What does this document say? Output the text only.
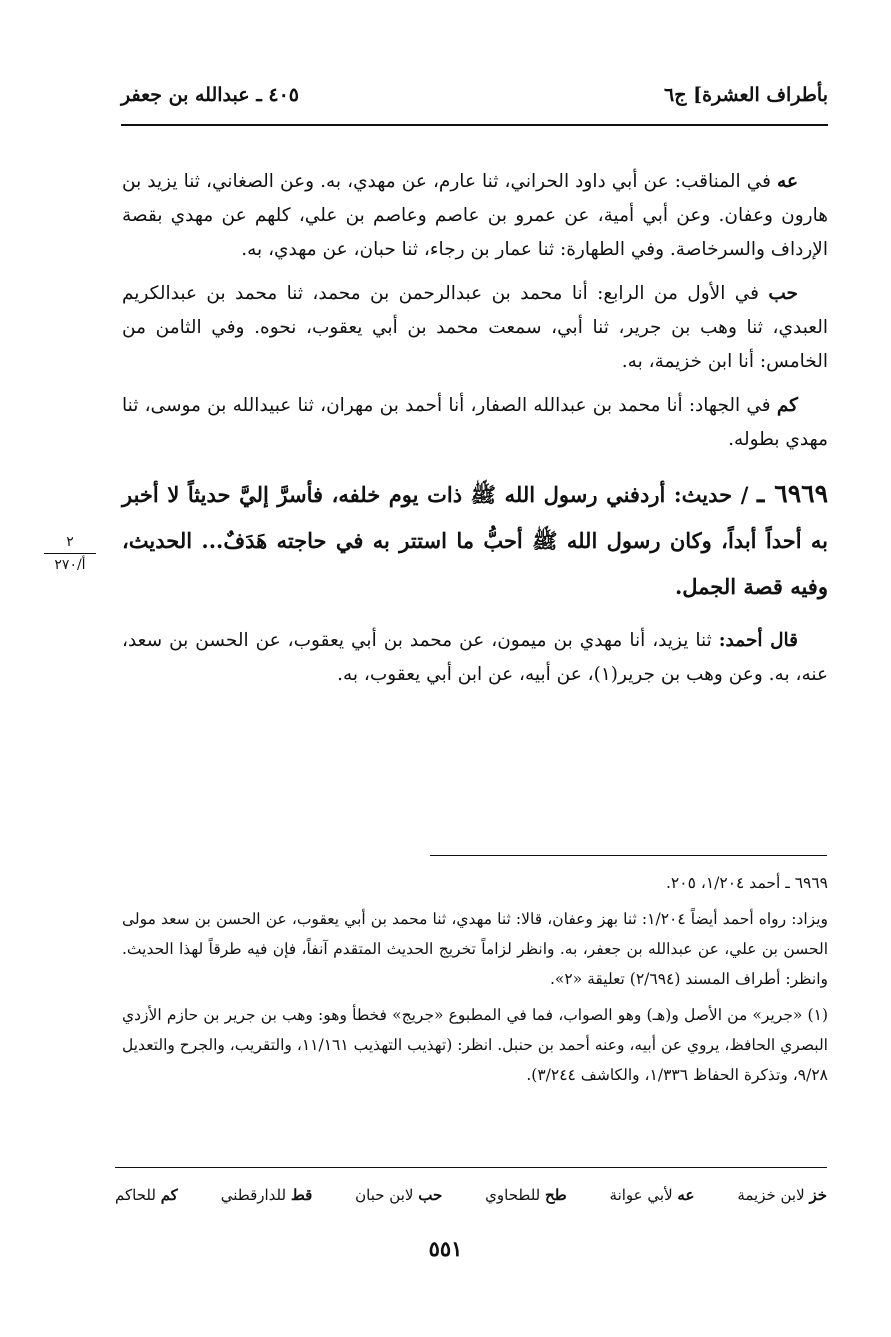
بأطراف العشرة] ج٦
٤٠٥ ـ عبدالله بن جعفر

عه في المناقب: عن أبي داود الحراني، ثنا عارم، عن مهدي، به. وعن الصغاني، ثنا يزيد بن هارون وعفان. وعن أبي أمية، عن عمرو بن عاصم وعاصم بن علي، كلهم عن مهدي بقصة الإرداف والسرخاصة. وفي الطهارة: ثنا عمار بن رجاء، ثنا حبان، عن مهدي، به.

حب في الأول من الرابع: أنا محمد بن عبدالرحمن بن محمد، ثنا محمد بن عبدالكريم العبدي، ثنا وهب بن جرير، ثنا أبي، سمعت محمد بن أبي يعقوب، نحوه. وفي الثامن من الخامس: أنا ابن خزيمة، به.

كم في الجهاد: أنا محمد بن عبدالله الصفار، أنا أحمد بن مهران، ثنا عبيدالله بن موسى، ثنا مهدي بطوله.

٦٩٦٩ ـ / حديث: أردفني رسول الله ﷺ ذات يوم خلفه، فأسرَّ إليَّ حديثاً لا أخبر به أحداً أبداً، وكان رسول الله ﷺ أحبُّ ما استتر به في حاجته هَدَفٌ... الحديث، وفيه قصة الجمل.

قال أحمد: ثنا يزيد، أنا مهدي بن ميمون، عن محمد بن أبي يعقوب، عن الحسن بن سعد، عنه، به. وعن وهب بن جرير(١)، عن أبيه، عن ابن أبي يعقوب، به.

٢
أ/٢٧٠

٦٩٦٩ ـ أحمد ١/٢٠٤، ٢٠٥.

ويزاد: رواه أحمد أيضاً ١/٢٠٤: ثنا بهز وعفان، قالا: ثنا مهدي، ثنا محمد بن أبي يعقوب، عن الحسن بن سعد مولى الحسن بن علي، عن عبدالله بن جعفر، به. وانظر لزاماً تخريج الحديث المتقدم آنفاً، فإن فيه طرقاً لهذا الحديث. وانظر: أطراف المسند (٢/٦٩٤) تعليقة «٢».

(١) «جرير» من الأصل و(هـ) وهو الصواب، فما في المطبوع «جريج» فخطأ وهو: وهب بن جرير بن حازم الأزدي البصري الحافظ، يروي عن أبيه، وعنه أحمد بن حنبل. انظر: (تهذيب التهذيب ١١/١٦١، والتقريب، والجرح والتعديل ٩/٢٨، وتذكرة الحفاظ ١/٣٣٦، والكاشف ٣/٢٤٤).

خز لابن خزيمة
عه لأبي عوانة
طح للطحاوي
حب لابن حبان
قط للدارقطني
كم للحاكم
٥٥١
